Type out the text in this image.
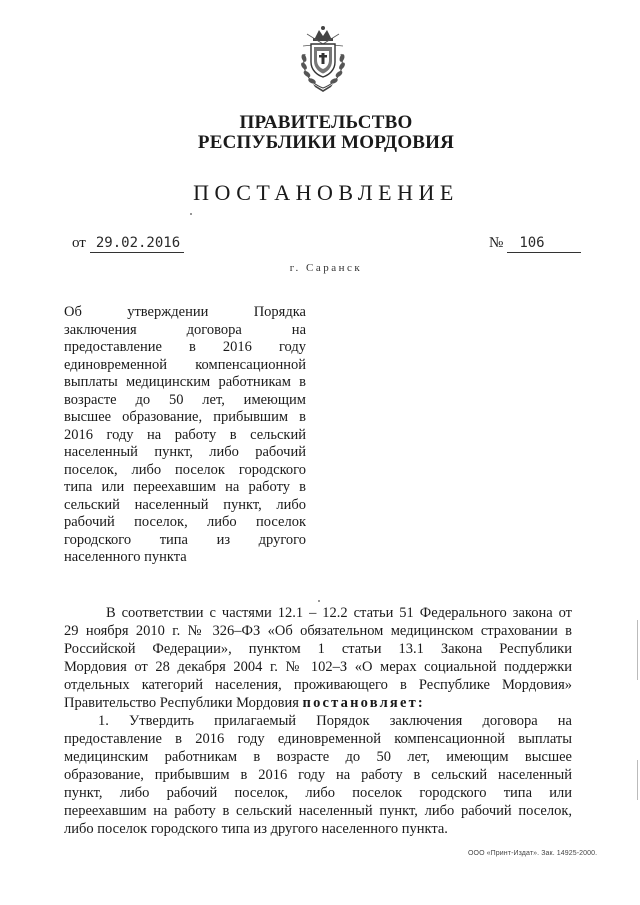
ПРАВИТЕЛЬСТВО
РЕСПУБЛИКИ МОРДОВИЯ
ПОСТАНОВЛЕНИЕ
от 29.02.2016	№ 106
г. Саранск
Об утверждении Порядка
заключения договора на
предоставление в 2016 году
единовременной компенсационной
выплаты медицинским работникам в
возрасте до 50 лет, имеющим
высшее образование, прибывшим в
2016 году на работу в сельский
населенный пункт, либо рабочий
поселок, либо поселок городского
типа или переехавшим на работу в
сельский населенный пункт, либо
рабочий поселок, либо поселок
городского типа из другого
населенного пункта
В соответствии с частями 12.1 – 12.2 статьи 51 Федерального закона от
29 ноября 2010 г. № 326–ФЗ «Об обязательном медицинском страховании в
Российской Федерации», пунктом 1 статьи 13.1 Закона Республики
Мордовия от 28 декабря 2004 г. № 102–З «О мерах социальной поддержки
отдельных категорий населения, проживающего в Республике Мордовия»
Правительство Республики Мордовия постановляет:
1. Утвердить прилагаемый Порядок заключения договора на
предоставление в 2016 году единовременной компенсационной выплаты
медицинским работникам в возрасте до 50 лет, имеющим высшее
образование, прибывшим в 2016 году на работу в сельский населенный
пункт, либо рабочий поселок, либо поселок городского типа или
переехавшим на работу в сельский населенный пункт, либо рабочий поселок,
либо поселок городского типа из другого населенного пункта.
ООО «Принт-Издат». Зак. 14925-2000.
